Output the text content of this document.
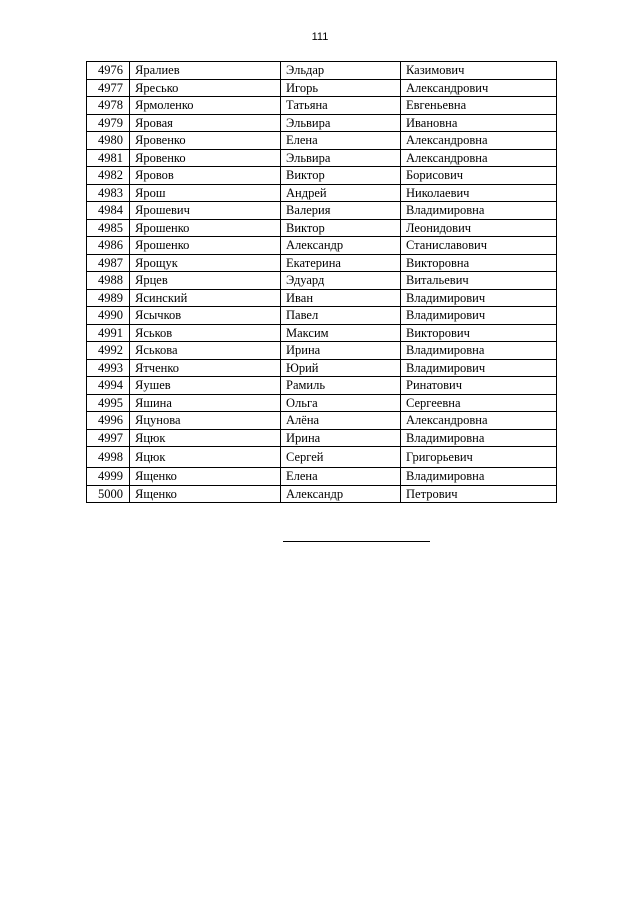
111
4976	Яралиев	Эльдар	Казимович
4977	Яресько	Игорь	Александрович
4978	Ярмоленко	Татьяна	Евгеньевна
4979	Яровая	Эльвира	Ивановна
4980	Яровенко	Елена	Александровна
4981	Яровенко	Эльвира	Александровна
4982	Яровов	Виктор	Борисович
4983	Ярош	Андрей	Николаевич
4984	Ярошевич	Валерия	Владимировна
4985	Ярошенко	Виктор	Леонидович
4986	Ярошенко	Александр	Станиславович
4987	Ярощук	Екатерина	Викторовна
4988	Ярцев	Эдуард	Витальевич
4989	Ясинский	Иван	Владимирович
4990	Ясычков	Павел	Владимирович
4991	Яськов	Максим	Викторович
4992	Яськова	Ирина	Владимировна
4993	Ятченко	Юрий	Владимирович
4994	Яушев	Рамиль	Ринатович
4995	Яшина	Ольга	Сергеевна
4996	Яцунова	Алёна	Александровна
4997	Яцюк	Ирина	Владимировна
4998	Яцюк	Сергей	Григорьевич
4999	Ященко	Елена	Владимировна
5000	Ященко	Александр	Петрович
